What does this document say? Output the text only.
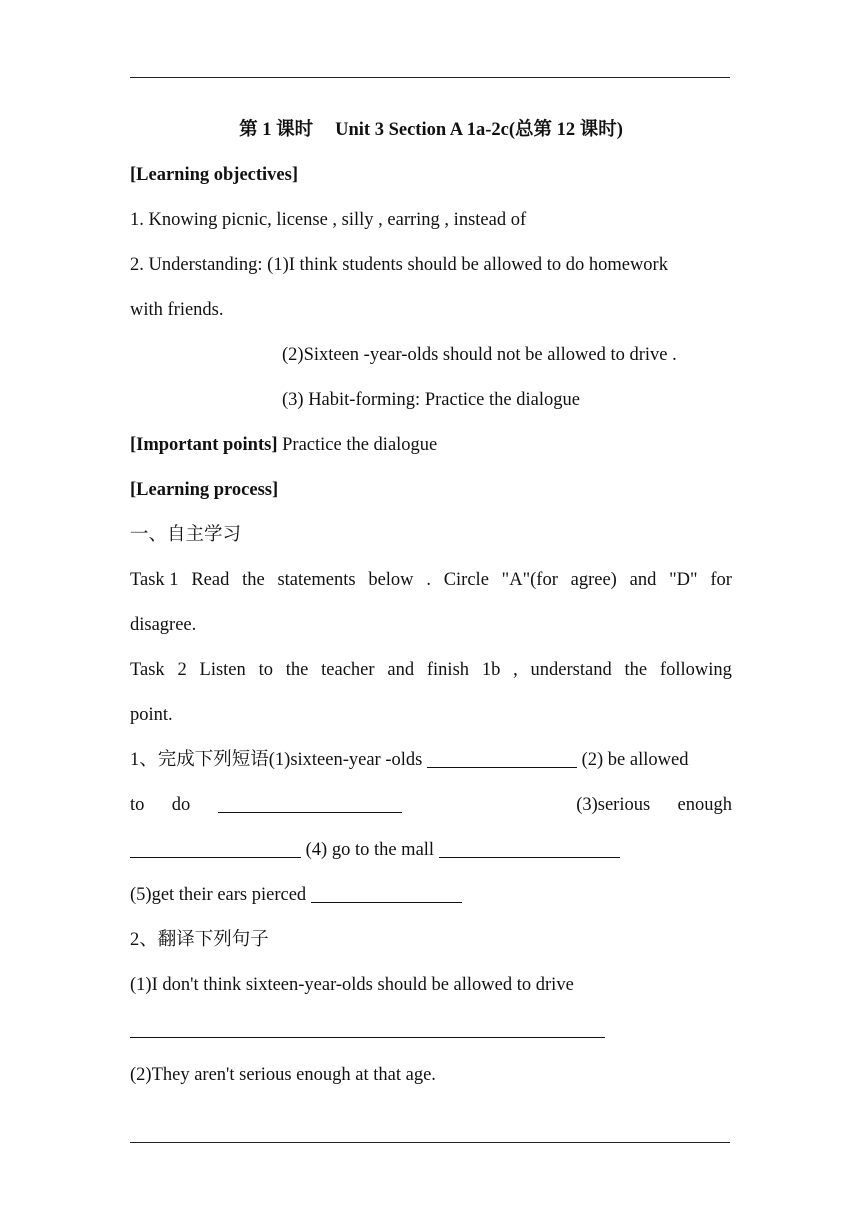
第 1 课时 Unit 3 Section A 1a-2c(总第 12 课时)
[Learning objectives]
1. Knowing picnic, license , silly , earring , instead of
2. Understanding: (1)I think students should be allowed to do homework
with friends.
(2)Sixteen -year-olds should not be allowed to drive .
(3) Habit-forming: Practice the dialogue
[Important points] Practice the dialogue
[Learning process]
一、自主学习
Task 1 Read the statements below . Circle "A"(for agree) and "D" for
disagree.
Task 2 Listen to the teacher and finish 1b , understand the following
point.
1、完成下列短语(1)sixteen-year -olds	(2) be allowed
to do	(3)serious enough
(4) go to the mall
(5)get their ears pierced
2、翻译下列句子
(1)I don't think sixteen-year-olds should be allowed to drive
(2)They aren't serious enough at that age.
